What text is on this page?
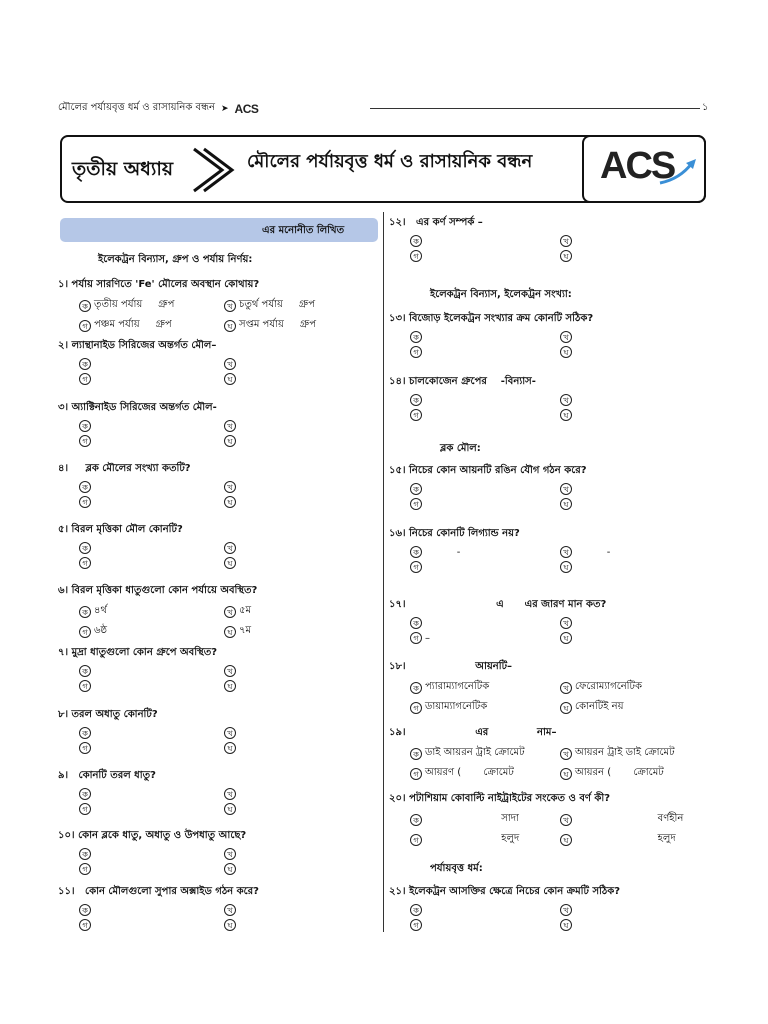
মৌলের পর্যায়বৃত্ত ধর্ম ও রাসায়নিক বন্ধন ➤ ACS	১
তৃতীয় অধ্যায়	মৌলের পর্যায়বৃত্ত ধর্ম ও রাসায়নিক বন্ধন ACS
এর মনোনীত লিখিত
ইলেকট্রন বিন্যাস, গ্রুপ ও পর্যায় নির্ণয়:
১। পর্যায় সারণিতে 'Fe' মৌলের অবস্থান কোথায়?
ক তৃতীয় পর্যায়     গ্রুপ	খ চতুর্থ পর্যায়     গ্রুপ
গ পঞ্চম পর্যায়     গ্রুপ	ঘ সপ্তম পর্যায়     গ্রুপ
২। ল্যান্থানাইড সিরিজের অন্তর্গত মৌল–
ক	খ
গ	ঘ
৩। অ্যাক্টিনাইড সিরিজের অন্তর্গত মৌল-
ক	খ
গ	ঘ
৪।     ব্লক মৌলের সংখ্যা কতটি?
ক	খ
গ	ঘ
৫। বিরল মৃত্তিকা মৌল কোনটি?
ক	খ
গ	ঘ
৬। বিরল মৃত্তিকা ধাতুগুলো কোন পর্যায়ে অবস্থিত?
ক ৪র্থ	খ ৫ম
গ ৬ষ্ঠ	ঘ ৭ম
৭। মুদ্রা ধাতুগুলো কোন গ্রুপে অবস্থিত?
ক	খ
গ	ঘ
৮। তরল অধাতু কোনটি?
ক	খ
গ	ঘ
৯।   কোনটি তরল ধাতু?
ক	খ
গ	ঘ
১০। কোন ব্লকে ধাতু, অধাতু ও উপধাতু আছে?
ক	খ
গ	ঘ
১১।   কোন মৌলগুলো সুপার অক্সাইড গঠন করে?
ক	খ
গ	ঘ
ইলেকট্রন বিন্যাস, ইলেকট্রন সংখ্যা:
ব্লক মৌল:
পর্যায়বৃত্ত ধর্ম:
১২।   এর কর্ণ সম্পর্ক –
ক	খ
গ	ঘ
১৩। বিজোড় ইলেকট্রন সংখ্যার ক্রম কোনটি সঠিক?
ক	খ
গ	ঘ
১৪। চালকোজেন গ্রুপের    ‐বিন্যাস-
ক	খ
গ	ঘ
১৫। নিচের কোন আয়নটি রঙিন যৌগ গঠন করে?
ক	খ
গ	ঘ
১৬। নিচের কোনটি লিগ্যান্ড নয়?
ক -	খ -
গ	ঘ
১৭।                          এ      এর জারণ মান কত?
ক	খ
গ –	ঘ
১৮।                    আয়নটি–
ক প্যারাম্যাগনেটিক	খ ফেরোম্যাগনেটিক
গ ডায়াম্যাগনেটিক	ঘ কোনটিই নয়
১৯।                    এর              নাম–
ক ডাই আয়রন ট্রাই ক্রোমেট	খ আয়রন ট্রাই ডাই ক্রোমেট
গ আয়রণ (       ক্রোমেট	ঘ আয়রন (       ক্রোমেট
২০। পটাশিয়াম কোবাল্টি নাইট্রাইটের সংকেত ও বর্ণ কী?
ক সাদা	খ বর্ণহীন
গ হলুদ	ঘ হলুদ
২১। ইলেকট্রন আসক্তির ক্ষেত্রে নিচের কোন ক্রমটি সঠিক?
ক	খ
গ	ঘ
